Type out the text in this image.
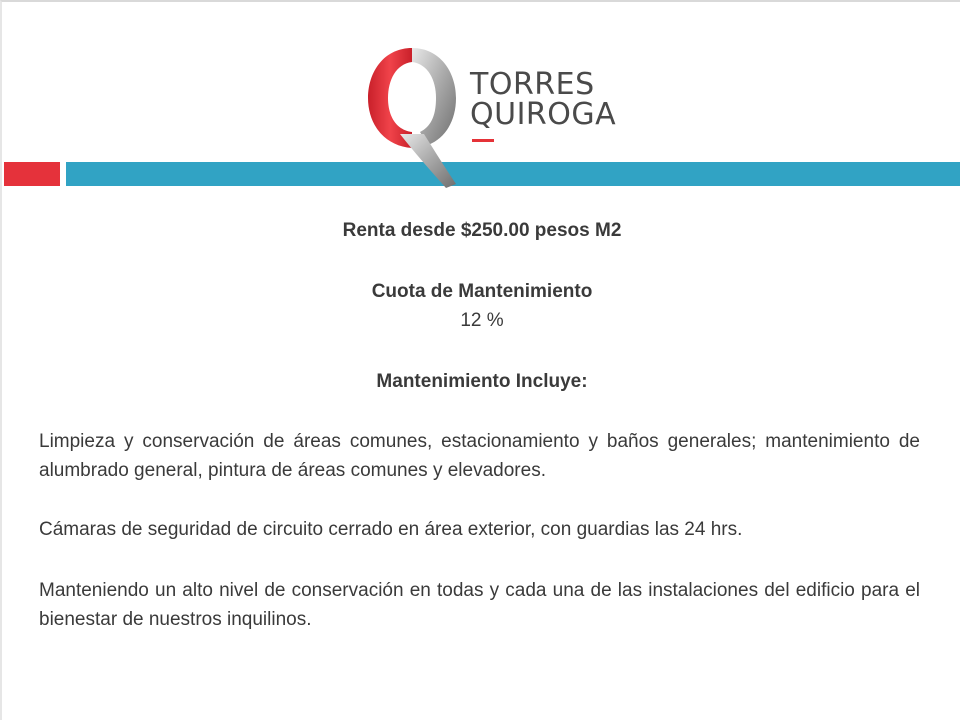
TORRES
QUIROGA
Renta desde $250.00 pesos M2
Cuota de Mantenimiento
12 %
Mantenimiento Incluye:
Limpieza y conservación de áreas comunes, estacionamiento y baños generales; mantenimiento de alumbrado general, pintura de áreas comunes y elevadores.
Cámaras de seguridad de circuito cerrado en área exterior, con guardias las 24 hrs.
Manteniendo un alto nivel de conservación en todas y cada una de las instalaciones del edificio para el bienestar de nuestros inquilinos.
